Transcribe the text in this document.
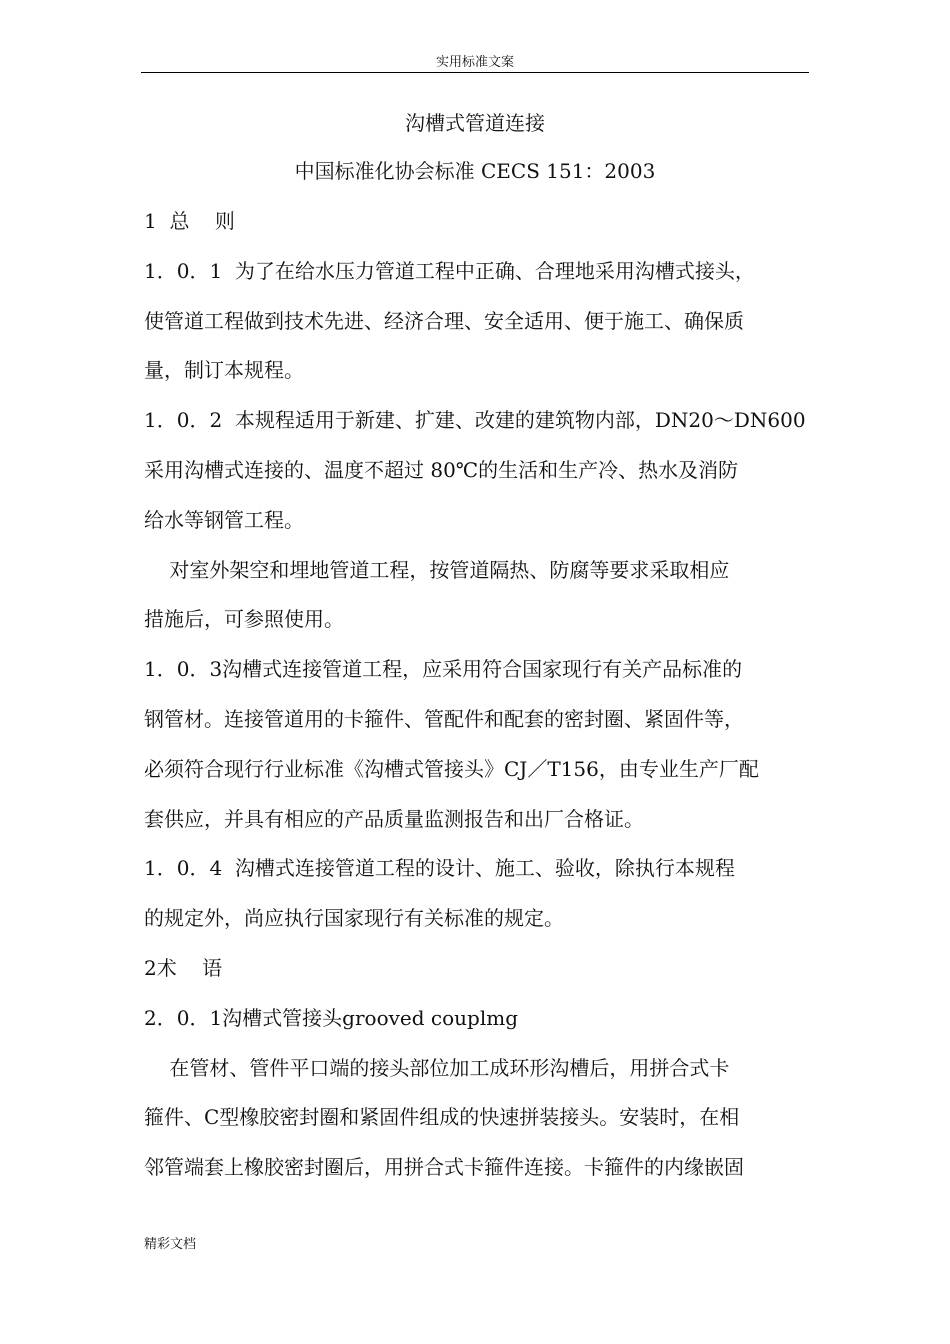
实用标准文案
沟槽式管道连接
中国标准化协会标准 CECS 151：2003
1  总    则
1．0．1  为了在给水压力管道工程中正确、合理地采用沟槽式接头，
使管道工程做到技术先进、经济合理、安全适用、便于施工、确保质
量，制订本规程。
1．0．2  本规程适用于新建、扩建、改建的建筑物内部，DN20～DN600
采用沟槽式连接的、温度不超过 80℃的生活和生产冷、热水及消防
给水等钢管工程。
对室外架空和埋地管道工程，按管道隔热、防腐等要求采取相应
措施后，可参照使用。
1．0．3沟槽式连接管道工程，应采用符合国家现行有关产品标准的
钢管材。连接管道用的卡箍件、管配件和配套的密封圈、紧固件等，
必须符合现行行业标准《沟槽式管接头》CJ／T156，由专业生产厂配
套供应，并具有相应的产品质量监测报告和出厂合格证。
1．0．4  沟槽式连接管道工程的设计、施工、验收，除执行本规程
的规定外，尚应执行国家现行有关标准的规定。
2术    语
2．0．1沟槽式管接头grooved couplmg
在管材、管件平口端的接头部位加工成环形沟槽后，用拼合式卡
箍件、C型橡胶密封圈和紧固件组成的快速拼装接头。安装时，在相
邻管端套上橡胶密封圈后，用拼合式卡箍件连接。卡箍件的内缘嵌固
精彩文档
